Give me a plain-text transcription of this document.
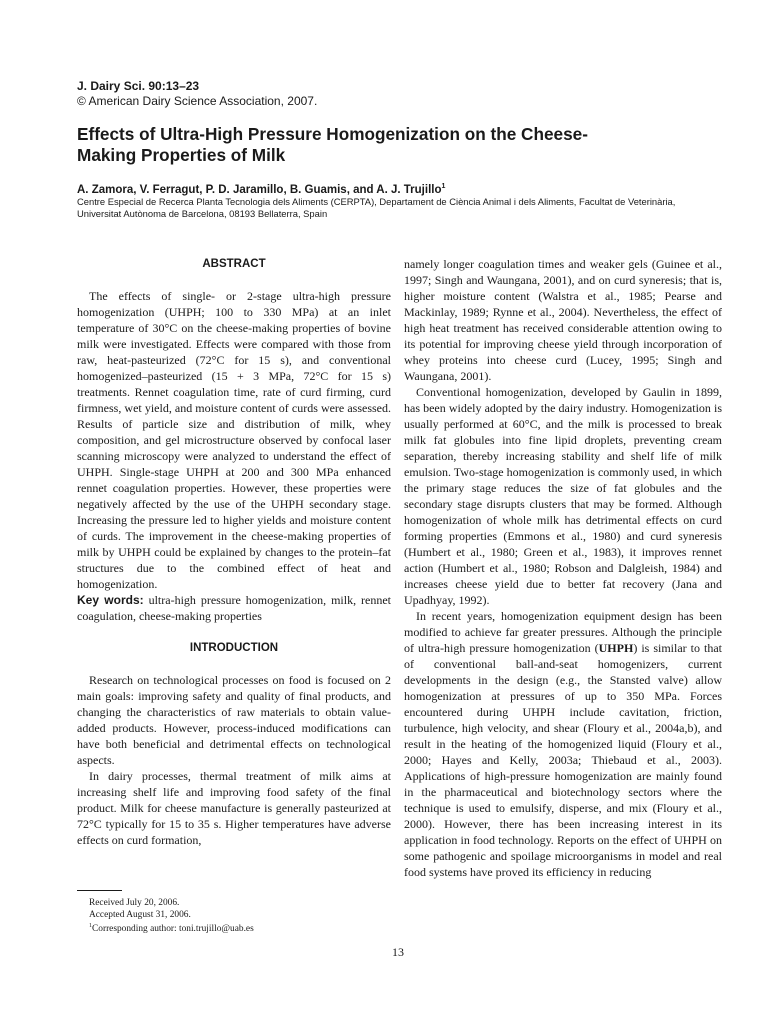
J. Dairy Sci. 90:13–23
© American Dairy Science Association, 2007.
Effects of Ultra-High Pressure Homogenization on the Cheese-Making Properties of Milk
A. Zamora, V. Ferragut, P. D. Jaramillo, B. Guamis, and A. J. Trujillo$^1$
Centre Especial de Recerca Planta Tecnologia dels Aliments (CERPTA), Departament de Ciència Animal i dels Aliments, Facultat de Veterinària, Universitat Autònoma de Barcelona, 08193 Bellaterra, Spain
ABSTRACT

The effects of single- or 2-stage ultra-high pressure homogenization (UHPH; 100 to 330 MPa) at an inlet temperature of 30°C on the cheese-making properties of bovine milk were investigated. Effects were compared with those from raw, heat-pasteurized (72°C for 15 s), and conventional homogenized–pasteurized (15 + 3 MPa, 72°C for 15 s) treatments. Rennet coagulation time, rate of curd firming, curd firmness, wet yield, and moisture content of curds were assessed. Results of particle size and distribution of milk, whey composition, and gel microstructure observed by confocal laser scanning microscopy were analyzed to understand the effect of UHPH. Single-stage UHPH at 200 and 300 MPa enhanced rennet coagulation properties. However, these properties were negatively affected by the use of the UHPH secondary stage. Increasing the pressure led to higher yields and moisture content of curds. The improvement in the cheese-making properties of milk by UHPH could be explained by changes to the protein–fat structures due to the combined effect of heat and homogenization.

Key words: ultra-high pressure homogenization, milk, rennet coagulation, cheese-making properties

INTRODUCTION

Research on technological processes on food is focused on 2 main goals: improving safety and quality of final products, and changing the characteristics of raw materials to obtain value-added products. However, process-induced modifications can have both beneficial and detrimental effects on technological aspects.

In dairy processes, thermal treatment of milk aims at increasing shelf life and improving food safety of the final product. Milk for cheese manufacture is generally pasteurized at 72°C typically for 15 to 35 s. Higher temperatures have adverse effects on curd formation,

namely longer coagulation times and weaker gels (Guinee et al., 1997; Singh and Waungana, 2001), and on curd syneresis; that is, higher moisture content (Walstra et al., 1985; Pearse and Mackinlay, 1989; Rynne et al., 2004). Nevertheless, the effect of high heat treatment has received considerable attention owing to its potential for improving cheese yield through incorporation of whey proteins into cheese curd (Lucey, 1995; Singh and Waungana, 2001).

Conventional homogenization, developed by Gaulin in 1899, has been widely adopted by the dairy industry. Homogenization is usually performed at 60°C, and the milk is processed to break milk fat globules into fine lipid droplets, preventing cream separation, thereby increasing stability and shelf life of milk emulsion. Two-stage homogenization is commonly used, in which the primary stage reduces the size of fat globules and the secondary stage disrupts clusters that may be formed. Although homogenization of whole milk has detrimental effects on curd forming properties (Emmons et al., 1980) and curd syneresis (Humbert et al., 1980; Green et al., 1983), it improves rennet action (Humbert et al., 1980; Robson and Dalgleish, 1984) and increases cheese yield due to better fat recovery (Jana and Upadhyay, 1992).

In recent years, homogenization equipment design has been modified to achieve far greater pressures. Although the principle of ultra-high pressure homogenization (UHPH) is similar to that of conventional ball-and-seat homogenizers, current developments in the design (e.g., the Stansted valve) allow homogenization at pressures of up to 350 MPa. Forces encountered during UHPH include cavitation, friction, turbulence, high velocity, and shear (Floury et al., 2004a,b), and result in the heating of the homogenized liquid (Floury et al., 2000; Hayes and Kelly, 2003a; Thiebaud et al., 2003). Applications of high-pressure homogenization are mainly found in the pharmaceutical and biotechnology sectors where the technique is used to emulsify, disperse, and mix (Floury et al., 2000). However, there has been increasing interest in its application in food technology. Reports on the effect of UHPH on some pathogenic and spoilage microorganisms in model and real food systems have proved its efficiency in reducing

Received July 20, 2006.
Accepted August 31, 2006.
$^1$Corresponding author: toni.trujillo@uab.es
13
